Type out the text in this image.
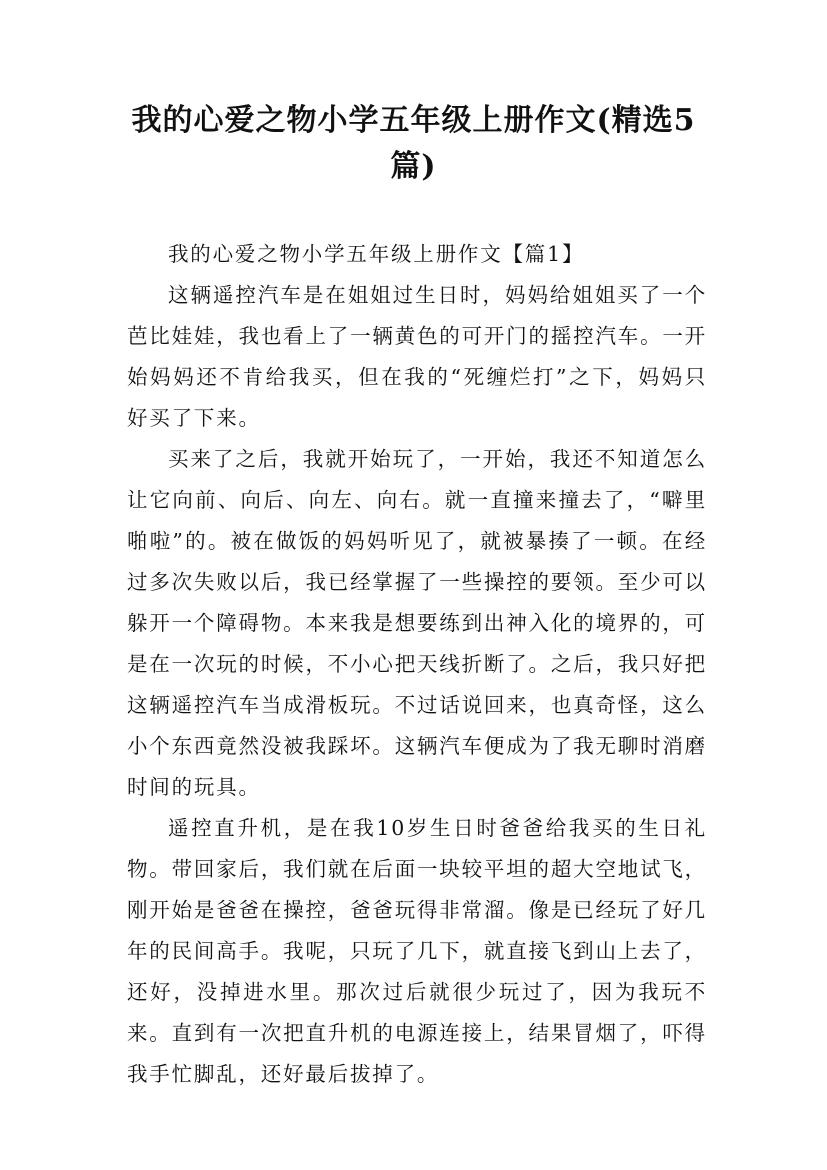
我的心爱之物小学五年级上册作文(精选5篇)

我的心爱之物小学五年级上册作文【篇1】

这辆遥控汽车是在姐姐过生日时，妈妈给姐姐买了一个芭比娃娃，我也看上了一辆黄色的可开门的摇控汽车。一开始妈妈还不肯给我买，但在我的“死缠烂打”之下，妈妈只好买了下来。

买来了之后，我就开始玩了，一开始，我还不知道怎么让它向前、向后、向左、向右。就一直撞来撞去了，“噼里啪啦”的。被在做饭的妈妈听见了，就被暴揍了一顿。在经过多次失败以后，我已经掌握了一些操控的要领。至少可以躲开一个障碍物。本来我是想要练到出神入化的境界的，可是在一次玩的时候，不小心把天线折断了。之后，我只好把这辆遥控汽车当成滑板玩。不过话说回来，也真奇怪，这么小个东西竟然没被我踩坏。这辆汽车便成为了我无聊时消磨时间的玩具。

遥控直升机，是在我10岁生日时爸爸给我买的生日礼物。带回家后，我们就在后面一块较平坦的超大空地试飞，刚开始是爸爸在操控，爸爸玩得非常溜。像是已经玩了好几年的民间高手。我呢，只玩了几下，就直接飞到山上去了，还好，没掉进水里。那次过后就很少玩过了，因为我玩不来。直到有一次把直升机的电源连接上，结果冒烟了，吓得我手忙脚乱，还好最后拔掉了。
